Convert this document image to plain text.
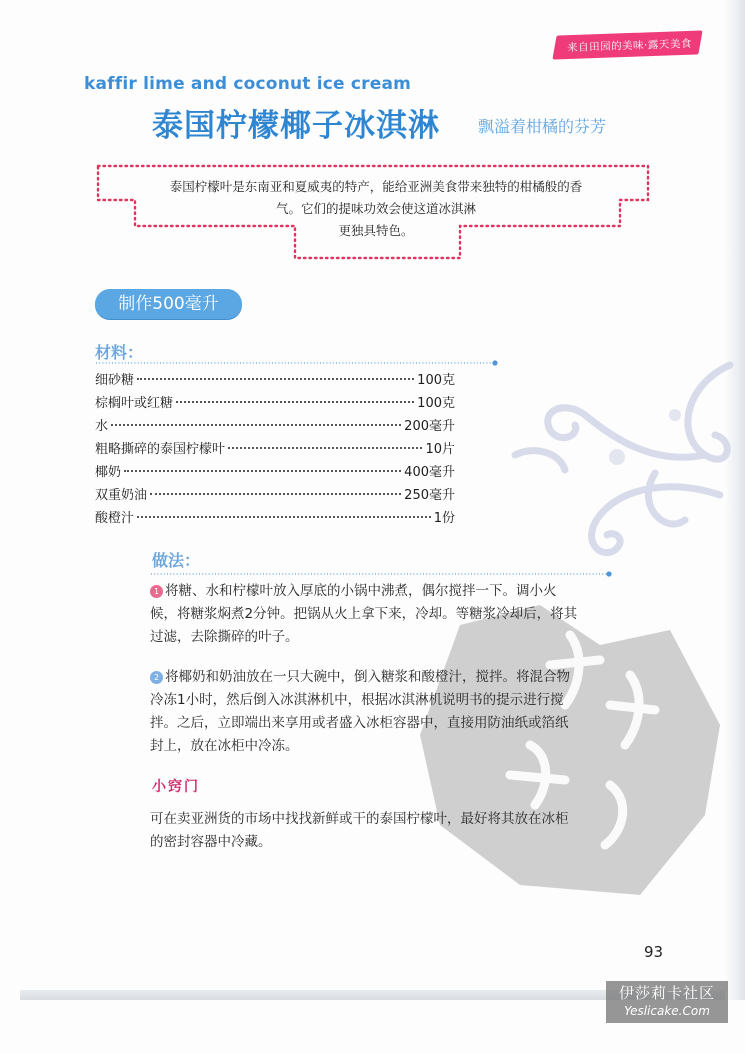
来自田园的美味·露天美食
kaffir lime and coconut ice cream
泰国柠檬椰子冰淇淋 飘溢着柑橘的芬芳
泰国柠檬叶是东南亚和夏威夷的特产，能给亚洲美食带来独特的柑橘般的香
气。它们的提味功效会使这道冰淇淋
更独具特色。
制作500毫升
材料：
细砂糖	100克
棕榈叶或红糖	100克
水	200毫升
粗略撕碎的泰国柠檬叶	10片
椰奶	400毫升
双重奶油	250毫升
酸橙汁	1份
做法：
1 将糖、水和柠檬叶放入厚底的小锅中沸煮，偶尔搅拌一下。调小火候，将糖浆焖煮2分钟。把锅从火上拿下来，冷却。等糖浆冷却后，将其过滤，去除撕碎的叶子。
2 将椰奶和奶油放在一只大碗中，倒入糖浆和酸橙汁，搅拌。将混合物冷冻1小时，然后倒入冰淇淋机中，根据冰淇淋机说明书的提示进行搅拌。之后，立即端出来享用或者盛入冰柜容器中，直接用防油纸或箔纸封上，放在冰柜中冷冻。
小窍门
可在卖亚洲货的市场中找找新鲜或干的泰国柠檬叶，最好将其放在冰柜的密封容器中冷藏。
93
伊莎莉卡社区
Yeslicake.Com
